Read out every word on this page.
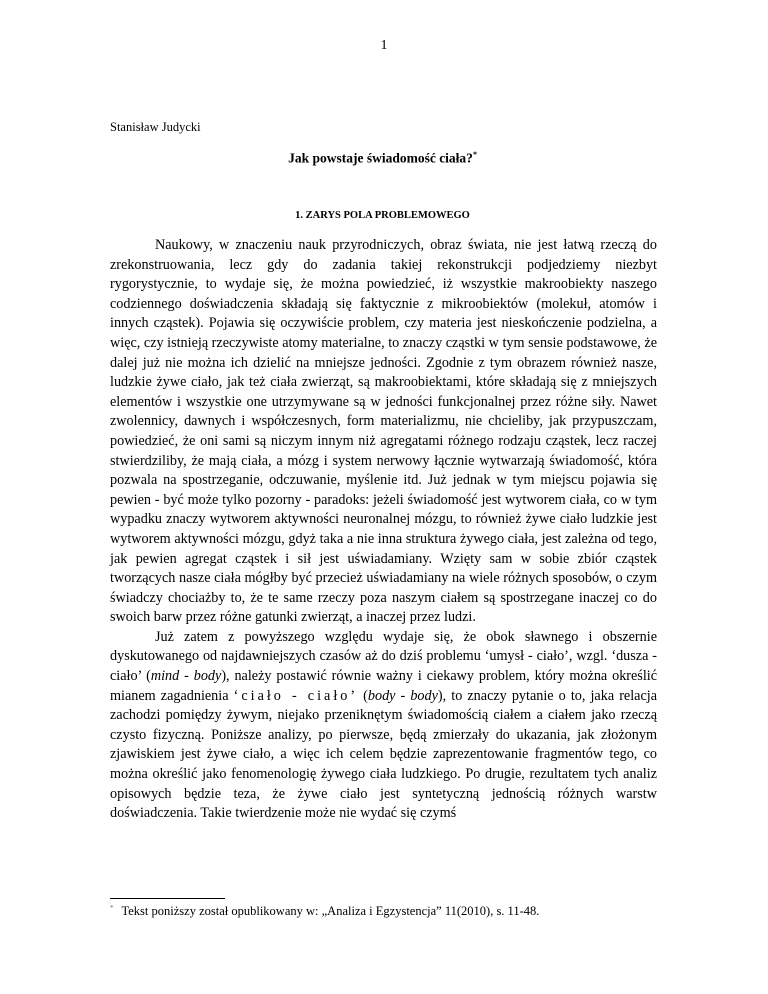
1
Stanisław Judycki
Jak powstaje świadomość ciała?*
1. ZARYS POLA PROBLEMOWEGO

Naukowy, w znaczeniu nauk przyrodniczych, obraz świata, nie jest łatwą rzeczą do zrekonstruowania, lecz gdy do zadania takiej rekonstrukcji podjedziemy niezbyt rygorystycznie, to wydaje się, że można powiedzieć, iż wszystkie makroobiekty naszego codziennego doświadczenia składają się faktycznie z mikroobiektów (molekuł, atomów i innych cząstek). Pojawia się oczywiście problem, czy materia jest nieskończenie podzielna, a więc, czy istnieją rzeczywiste atomy materialne, to znaczy cząstki w tym sensie podstawowe, że dalej już nie można ich dzielić na mniejsze jedności. Zgodnie z tym obrazem również nasze, ludzkie żywe ciało, jak też ciała zwierząt, są makroobiektami, które składają się z mniejszych elementów i wszystkie one utrzymywane są w jedności funkcjonalnej przez różne siły. Nawet zwolennicy, dawnych i współczesnych, form materializmu, nie chcieliby, jak przypuszczam, powiedzieć, że oni sami są niczym innym niż agregatami różnego rodzaju cząstek, lecz raczej stwierdziliby, że mają ciała, a mózg i system nerwowy łącznie wytwarzają świadomość, która pozwala na spostrzeganie, odczuwanie, myślenie itd. Już jednak w tym miejscu pojawia się pewien - być może tylko pozorny - paradoks: jeżeli świadomość jest wytworem ciała, co w tym wypadku znaczy wytworem aktywności neuronalnej mózgu, to również żywe ciało ludzkie jest wytworem aktywności mózgu, gdyż taka a nie inna struktura żywego ciała, jest zależna od tego, jak pewien agregat cząstek i sił jest uświadamiany. Wzięty sam w sobie zbiór cząstek tworzących nasze ciała mógłby być przecież uświadamiany na wiele różnych sposobów, o czym świadczy chociażby to, że te same rzeczy poza naszym ciałem są spostrzegane inaczej co do swoich barw przez różne gatunki zwierząt, a inaczej przez ludzi.

Już zatem z powyższego względu wydaje się, że obok sławnego i obszernie dyskutowanego od najdawniejszych czasów aż do dziś problemu ‘umysł - ciało’, wzgl. ‘dusza - ciało’ (mind - body), należy postawić równie ważny i ciekawy problem, który można określić mianem zagadnienia ‘ciało - ciało’ (body - body), to znaczy pytanie o to, jaka relacja zachodzi pomiędzy żywym, niejako przeniknętym świadomością ciałem a ciałem jako rzeczą czysto fizyczną. Poniższe analizy, po pierwsze, będą zmierzały do ukazania, jak złożonym zjawiskiem jest żywe ciało, a więc ich celem będzie zaprezentowanie fragmentów tego, co można określić jako fenomenologię żywego ciała ludzkiego. Po drugie, rezultatem tych analiz opisowych będzie teza, że żywe ciało jest syntetyczną jednością różnych warstw doświadczenia. Takie twierdzenie może nie wydać się czymś

* Tekst poniższy został opublikowany w: „Analiza i Egzystencja” 11(2010), s. 11-48.
